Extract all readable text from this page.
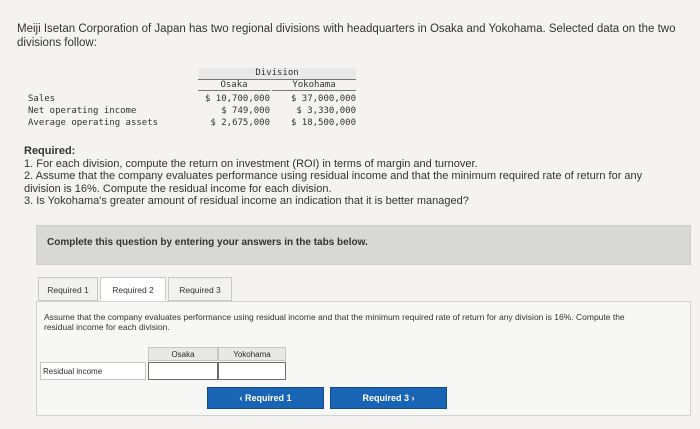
Meiji Isetan Corporation of Japan has two regional divisions with headquarters in Osaka and Yokohama. Selected data on the two divisions follow:
Division
Osaka	Yokohama
Sales	$ 10,700,000	$ 37,000,000
Net operating income	$ 749,000	$ 3,330,000
Average operating assets	$ 2,675,000	$ 18,500,000
Required:
1. For each division, compute the return on investment (ROI) in terms of margin and turnover.
2. Assume that the company evaluates performance using residual income and that the minimum required rate of return for any division is 16%. Compute the residual income for each division.
3. Is Yokohama's greater amount of residual income an indication that it is better managed?
Complete this question by entering your answers in the tabs below.
Required 1	Required 2	Required 3
Assume that the company evaluates performance using residual income and that the minimum required rate of return for any division is 16%. Compute the residual income for each division.
Osaka	Yokohama
Residual income
‹ Required 1	Required 3 ›
